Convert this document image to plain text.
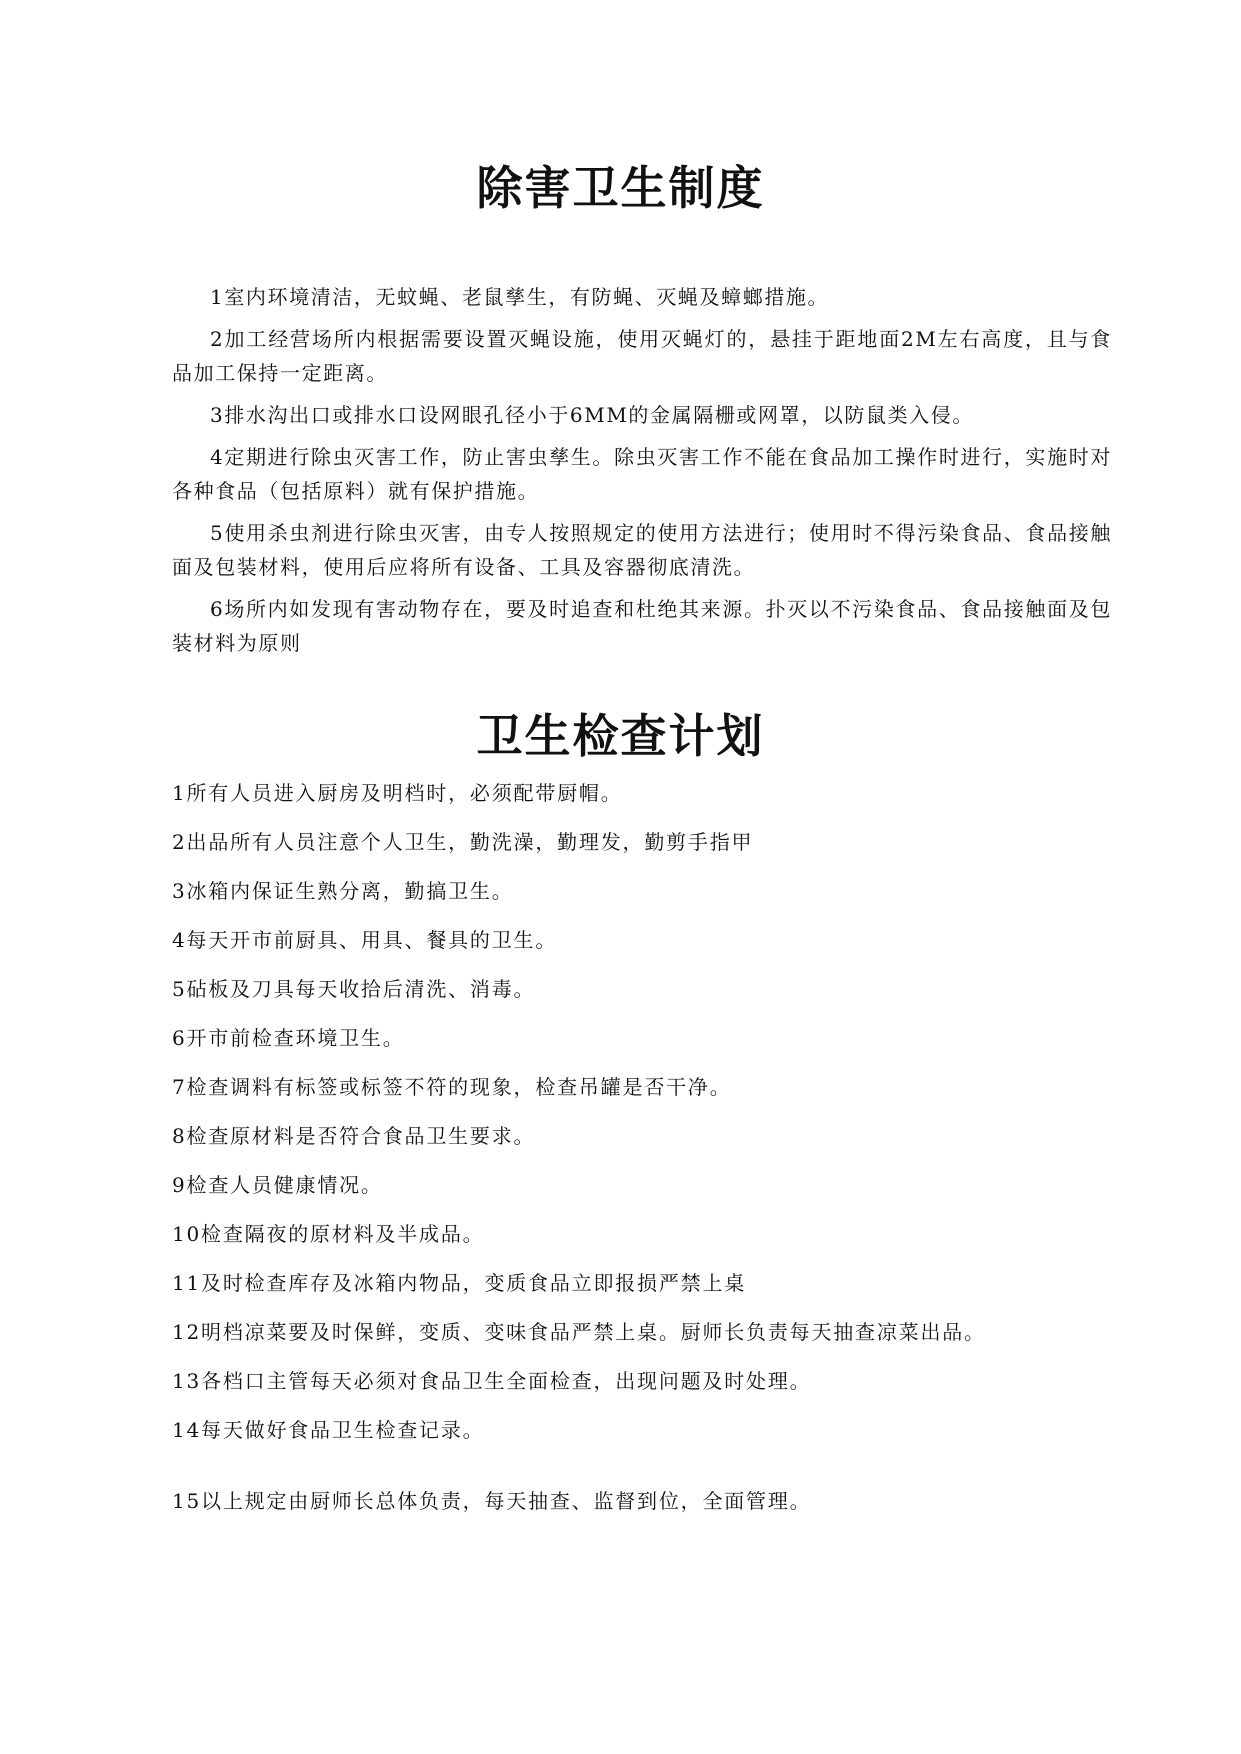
除害卫生制度

1室内环境清洁，无蚊蝇、老鼠孳生，有防蝇、灭蝇及蟑螂措施。

2加工经营场所内根据需要设置灭蝇设施，使用灭蝇灯的，悬挂于距地面2M左右高度，且与食品加工保持一定距离。

3排水沟出口或排水口设网眼孔径小于6MM的金属隔栅或网罩，以防鼠类入侵。

4定期进行除虫灭害工作，防止害虫孳生。除虫灭害工作不能在食品加工操作时进行，实施时对各种食品（包括原料）就有保护措施。

5使用杀虫剂进行除虫灭害，由专人按照规定的使用方法进行；使用时不得污染食品、食品接触面及包装材料，使用后应将所有设备、工具及容器彻底清洗。

6场所内如发现有害动物存在，要及时追查和杜绝其来源。扑灭以不污染食品、食品接触面及包装材料为原则

卫生检查计划

1所有人员进入厨房及明档时，必须配带厨帽。

2出品所有人员注意个人卫生，勤洗澡，勤理发，勤剪手指甲

3冰箱内保证生熟分离，勤搞卫生。

4每天开市前厨具、用具、餐具的卫生。

5砧板及刀具每天收拾后清洗、消毒。

6开市前检查环境卫生。

7检查调料有标签或标签不符的现象，检查吊罐是否干净。

8检查原材料是否符合食品卫生要求。

9检查人员健康情况。

10检查隔夜的原材料及半成品。

11及时检查库存及冰箱内物品，变质食品立即报损严禁上桌

12明档凉菜要及时保鲜，变质、变味食品严禁上桌。厨师长负责每天抽查凉菜出品。

13各档口主管每天必须对食品卫生全面检查，出现问题及时处理。

14每天做好食品卫生检查记录。

15以上规定由厨师长总体负责，每天抽查、监督到位，全面管理。
